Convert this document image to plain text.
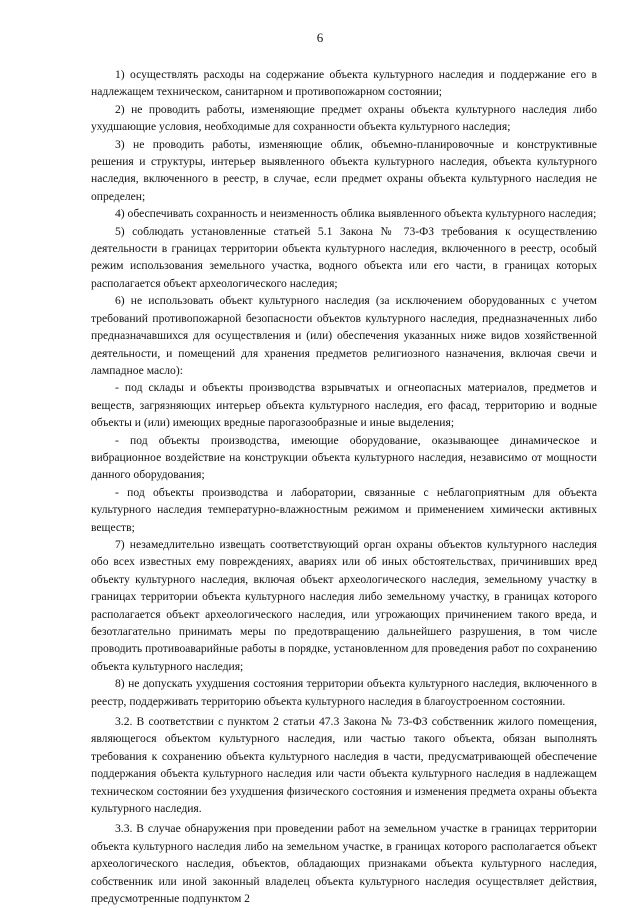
6

1) осуществлять расходы на содержание объекта культурного наследия и поддержание его в надлежащем техническом, санитарном и противопожарном состоянии;

2) не проводить работы, изменяющие предмет охраны объекта культурного наследия либо ухудшающие условия, необходимые для сохранности объекта культурного наследия;

3) не проводить работы, изменяющие облик, объемно-планировочные и конструктивные решения и структуры, интерьер выявленного объекта культурного наследия, объекта культурного наследия, включенного в реестр, в случае, если предмет охраны объекта культурного наследия не определен;

4) обеспечивать сохранность и неизменность облика выявленного объекта культурного наследия;

5) соблюдать установленные статьей 5.1 Закона № 73-ФЗ требования к осуществлению деятельности в границах территории объекта культурного наследия, включенного в реестр, особый режим использования земельного участка, водного объекта или его части, в границах которых располагается объект археологического наследия;

6) не использовать объект культурного наследия (за исключением оборудованных с учетом требований противопожарной безопасности объектов культурного наследия, предназначенных либо предназначавшихся для осуществления и (или) обеспечения указанных ниже видов хозяйственной деятельности, и помещений для хранения предметов религиозного назначения, включая свечи и лампадное масло):

- под склады и объекты производства взрывчатых и огнеопасных материалов, предметов и веществ, загрязняющих интерьер объекта культурного наследия, его фасад, территорию и водные объекты и (или) имеющих вредные парогазообразные и иные выделения;

- под объекты производства, имеющие оборудование, оказывающее динамическое и вибрационное воздействие на конструкции объекта культурного наследия, независимо от мощности данного оборудования;

- под объекты производства и лаборатории, связанные с неблагоприятным для объекта культурного наследия температурно-влажностным режимом и применением химически активных веществ;

7) незамедлительно извещать соответствующий орган охраны объектов культурного наследия обо всех известных ему повреждениях, авариях или об иных обстоятельствах, причинивших вред объекту культурного наследия, включая объект археологического наследия, земельному участку в границах территории объекта культурного наследия либо земельному участку, в границах которого располагается объект археологического наследия, или угрожающих причинением такого вреда, и безотлагательно принимать меры по предотвращению дальнейшего разрушения, в том числе проводить противоаварийные работы в порядке, установленном для проведения работ по сохранению объекта культурного наследия;

8) не допускать ухудшения состояния территории объекта культурного наследия, включенного в реестр, поддерживать территорию объекта культурного наследия в благоустроенном состоянии.

3.2. В соответствии с пунктом 2 статьи 47.3 Закона № 73-ФЗ собственник жилого помещения, являющегося объектом культурного наследия, или частью такого объекта, обязан выполнять требования к сохранению объекта культурного наследия в части, предусматривающей обеспечение поддержания объекта культурного наследия или части объекта культурного наследия в надлежащем техническом состоянии без ухудшения физического состояния и изменения предмета охраны объекта культурного наследия.

3.3. В случае обнаружения при проведении работ на земельном участке в границах территории объекта культурного наследия либо на земельном участке, в границах которого располагается объект археологического наследия, объектов, обладающих признаками объекта культурного наследия, собственник или иной законный владелец объекта культурного наследия осуществляет действия, предусмотренные подпунктом 2
